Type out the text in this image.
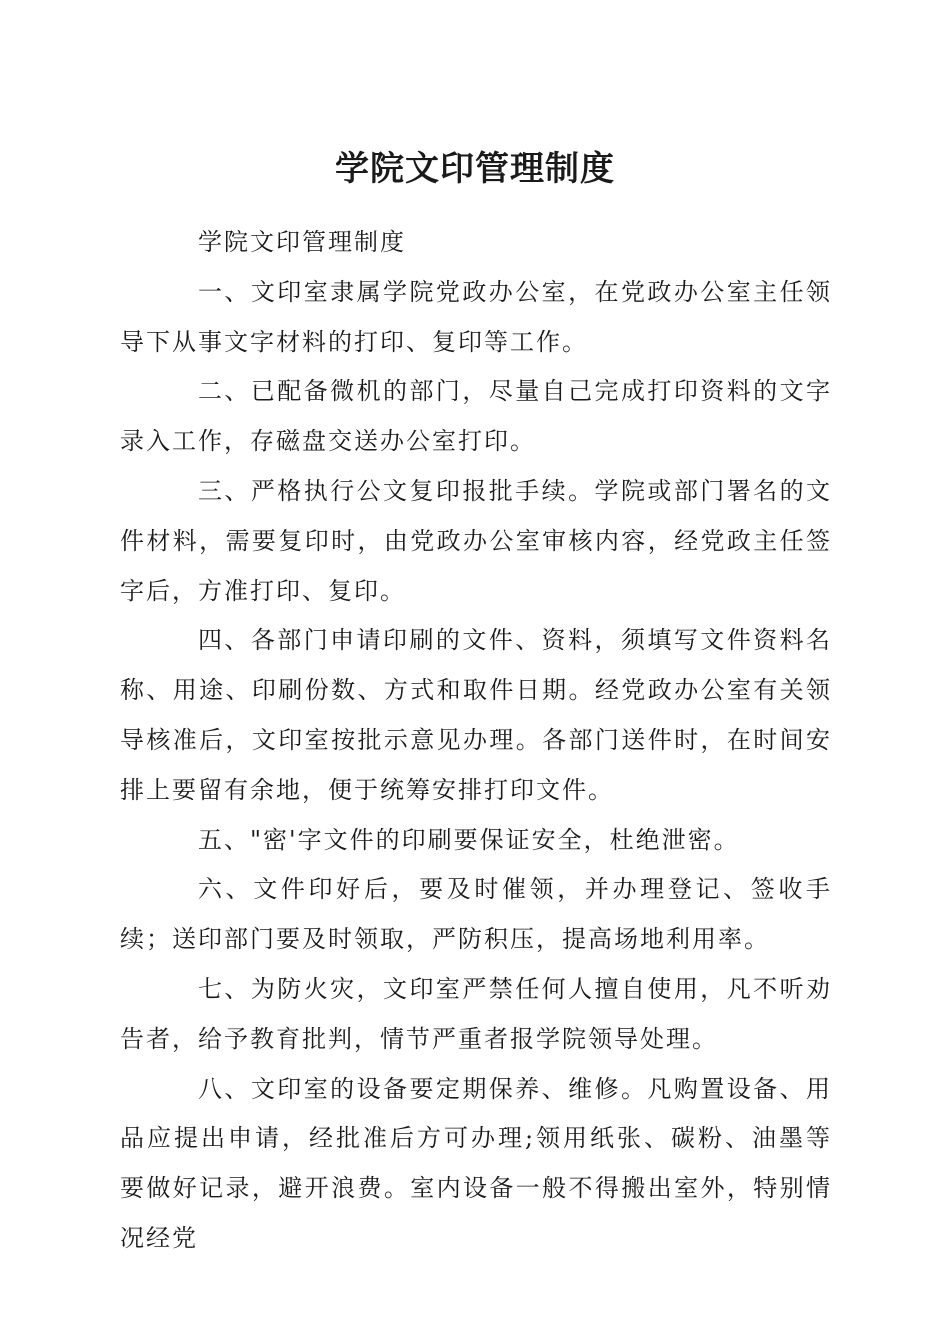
学院文印管理制度

学院文印管理制度

一、文印室隶属学院党政办公室，在党政办公室主任领导下从事文字材料的打印、复印等工作。

二、已配备微机的部门，尽量自己完成打印资料的文字录入工作，存磁盘交送办公室打印。

三、严格执行公文复印报批手续。学院或部门署名的文件材料，需要复印时，由党政办公室审核内容，经党政主任签字后，方准打印、复印。

四、各部门申请印刷的文件、资料，须填写文件资料名称、用途、印刷份数、方式和取件日期。经党政办公室有关领导核准后，文印室按批示意见办理。各部门送件时，在时间安排上要留有余地，便于统筹安排打印文件。

五、"密'字文件的印刷要保证安全，杜绝泄密。

六、文件印好后，要及时催领，并办理登记、签收手续；送印部门要及时领取，严防积压，提高场地利用率。

七、为防火灾，文印室严禁任何人擅自使用，凡不听劝告者，给予教育批判，情节严重者报学院领导处理。

八、文印室的设备要定期保养、维修。凡购置设备、用品应提出申请，经批准后方可办理;领用纸张、碳粉、油墨等要做好记录，避开浪费。室内设备一般不得搬出室外，特别情况经党
